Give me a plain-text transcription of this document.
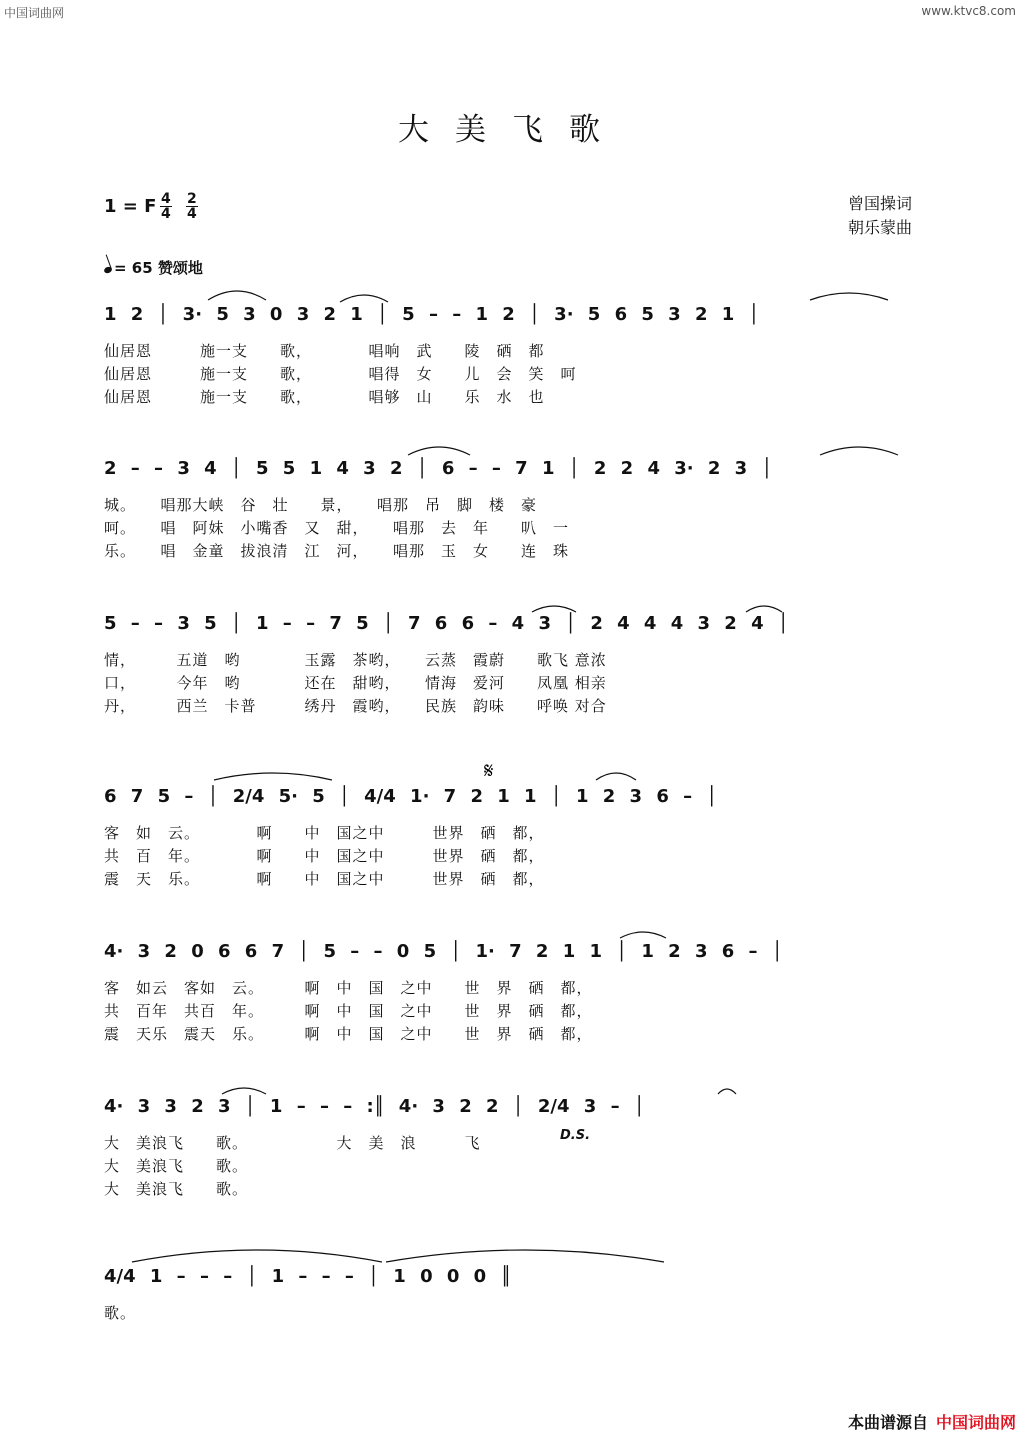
中国词曲网	www.ktvc8.com
大美飞歌
1 = F $\frac{4}{4} \frac{2}{4}$	曾国操词
朝乐蒙曲
= 65 赞颂地
𝄋
1 2 │ 3· 5 3 0 3 2 1 │ 5 – – 1 2 │ 3· 5 6 5 3 2 1 │
仙居恩　　　施一支　　歌，　　　　唱响　武　　陵　硒　都
仙居恩　　　施一支　　歌，　　　　唱得　女　　儿　会　笑　呵
仙居恩　　　施一支　　歌，　　　　唱够　山　　乐　水　也
2 – – 3 4 │ 5 5 1 4 3 2 │ 6 – – 7 1 │ 2 2 4 3· 2 3 │
城。　　唱那大峡　谷　壮　　景，　　唱那　吊　脚　楼　豪
呵。　　唱　阿妹　小嘴香　又　甜，　　唱那　去　年　　叭　一
乐。　　唱　金童　拔浪清　江　河，　　唱那　玉　女　　连　珠
5 – – 3 5 │ 1 – – 7 5 │ 7 6 6 – 4 3 │ 2 4 4 4 3 2 4 │
情，　　　五道　哟　　　　玉露　茶哟，　　云蒸　霞蔚　　歌飞 意浓
口，　　　今年　哟　　　　还在　甜哟，　　情海　爱河　　凤凰 相亲
丹，　　　西兰　卡普　　　绣丹　霞哟，　　民族　韵味　　呼唤 对合
6 7 5 – │ 2/4 5· 5 │ 4/4 1· 7 2 1 1 │ 1 2 3 6 – │
客　如　云。　　　　啊　　中　国之中　　　世界　硒　都，
共　百　年。　　　　啊　　中　国之中　　　世界　硒　都，
震　天　乐。　　　　啊　　中　国之中　　　世界　硒　都，
4· 3 2 0 6 6 7 │ 5 – – 0 5 │ 1· 7 2 1 1 │ 1 2 3 6 – │
客　如云　客如　云。　　　啊　中　国　之中　　世　界　硒　都，
共　百年　共百　年。　　　啊　中　国　之中　　世　界　硒　都，
震　天乐　震天　乐。　　　啊　中　国　之中　　世　界　硒　都，
4· 3 3 2 3 │ 1 – – – :║ 4· 3 2 2 │ 2/4 3 – │
大　美浪飞　　歌。　　　　　　大　美　浪　　　飞
大　美浪飞　　歌。
大　美浪飞　　歌。
D.S.
4/4 1 – – – │ 1 – – – │ 1 0 0 0 ║
歌。
本曲谱源自 中国词曲网
